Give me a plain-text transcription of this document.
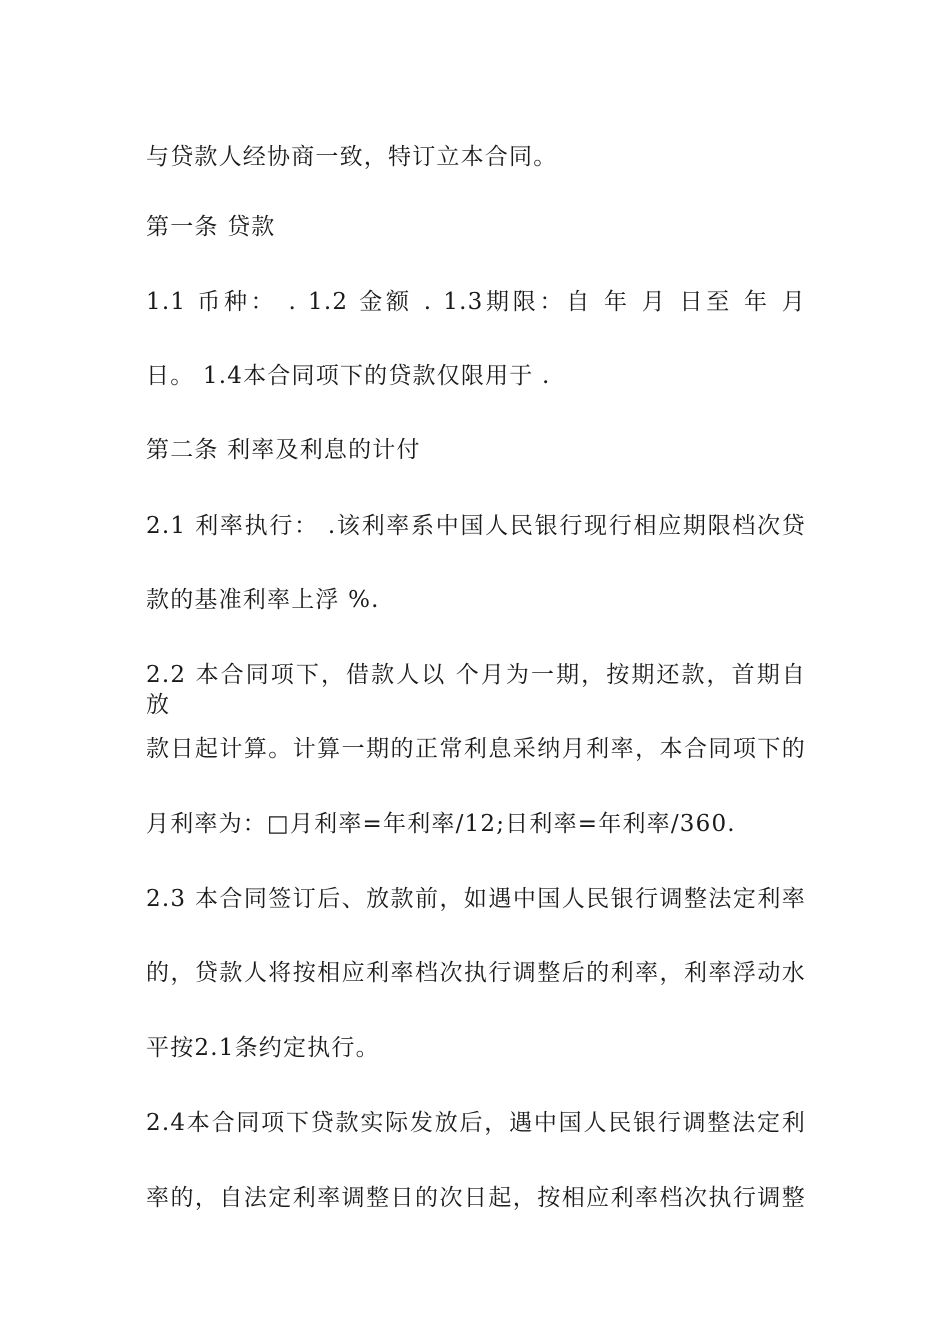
与贷款人经协商一致，特订立本合同。
第一条 贷款
1.1 币种： . 1.2 金额 . 1.3期限：自 年 月 日至 年 月
日。 1.4本合同项下的贷款仅限用于 .
第二条 利率及利息的计付
2.1 利率执行： .该利率系中国人民银行现行相应期限档次贷
款的基准利率上浮 %.
2.2 本合同项下，借款人以 个月为一期，按期还款，首期自放
款日起计算。计算一期的正常利息采纳月利率，本合同项下的
月利率为：□月利率=年利率/12;日利率=年利率/360.
2.3 本合同签订后、放款前，如遇中国人民银行调整法定利率
的，贷款人将按相应利率档次执行调整后的利率，利率浮动水
平按2.1条约定执行。
2.4本合同项下贷款实际发放后，遇中国人民银行调整法定利
率的，自法定利率调整日的次日起，按相应利率档次执行调整
